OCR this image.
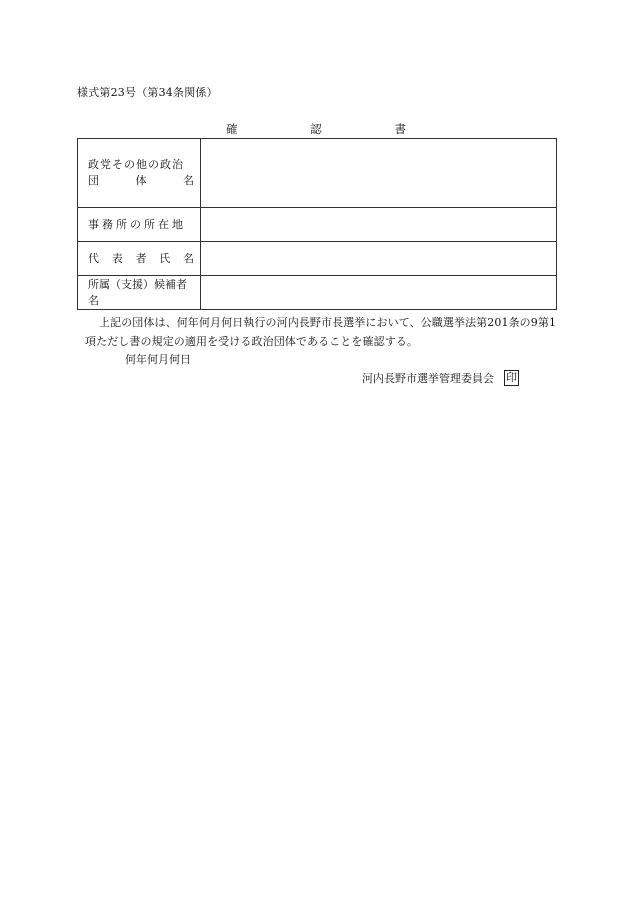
様式第23号（第34条関係）
確	認	書
政党その他の政治
団 体 名	

事務所の所在地	

代 表 者 氏 名	

所属（支援）候補者
名	

上記の団体は、何年何月何日執行の河内長野市長選挙において、公職選挙法第201条の9第1項ただし書の規定の適用を受ける政治団体であることを確認する。
何年何月何日
河内長野市選挙管理委員会 印
